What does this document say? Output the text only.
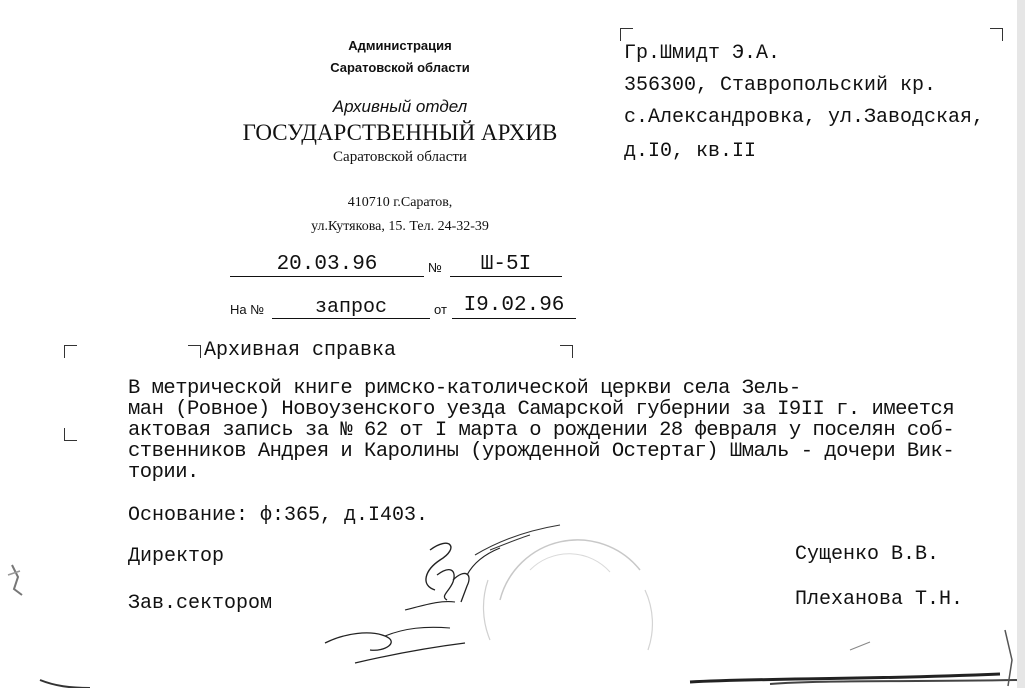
Администрация
Саратовской области
Архивный отдел
ГОСУДАРСТВЕННЫЙ АРХИВ
Саратовской области
410710 г.Саратов,
ул.Кутякова, 15. Тел. 24-32-39
20.03.96	№	Ш-5I
На №	запрос	от I9.02.96
Гр.Шмидт Э.А.
356300, Ставропольский кр.
с.Александровка, ул.Заводская,
д.I0, кв.II
Архивная справка
В метрической книге римско-католической церкви села Зель-
ман (Ровное) Новоузенского уезда Самарской губернии за I9II г. имеется
актовая запись за № 62 от I марта о рождении 28 февраля у поселян соб-
ственников Андрея и Каролины (урожденной Остертаг) Шмаль - дочери Вик-
тории.
Основание: ф:365, д.I403.
Директор	Сущенко В.В.
Зав.сектором	Плеханова Т.Н.
